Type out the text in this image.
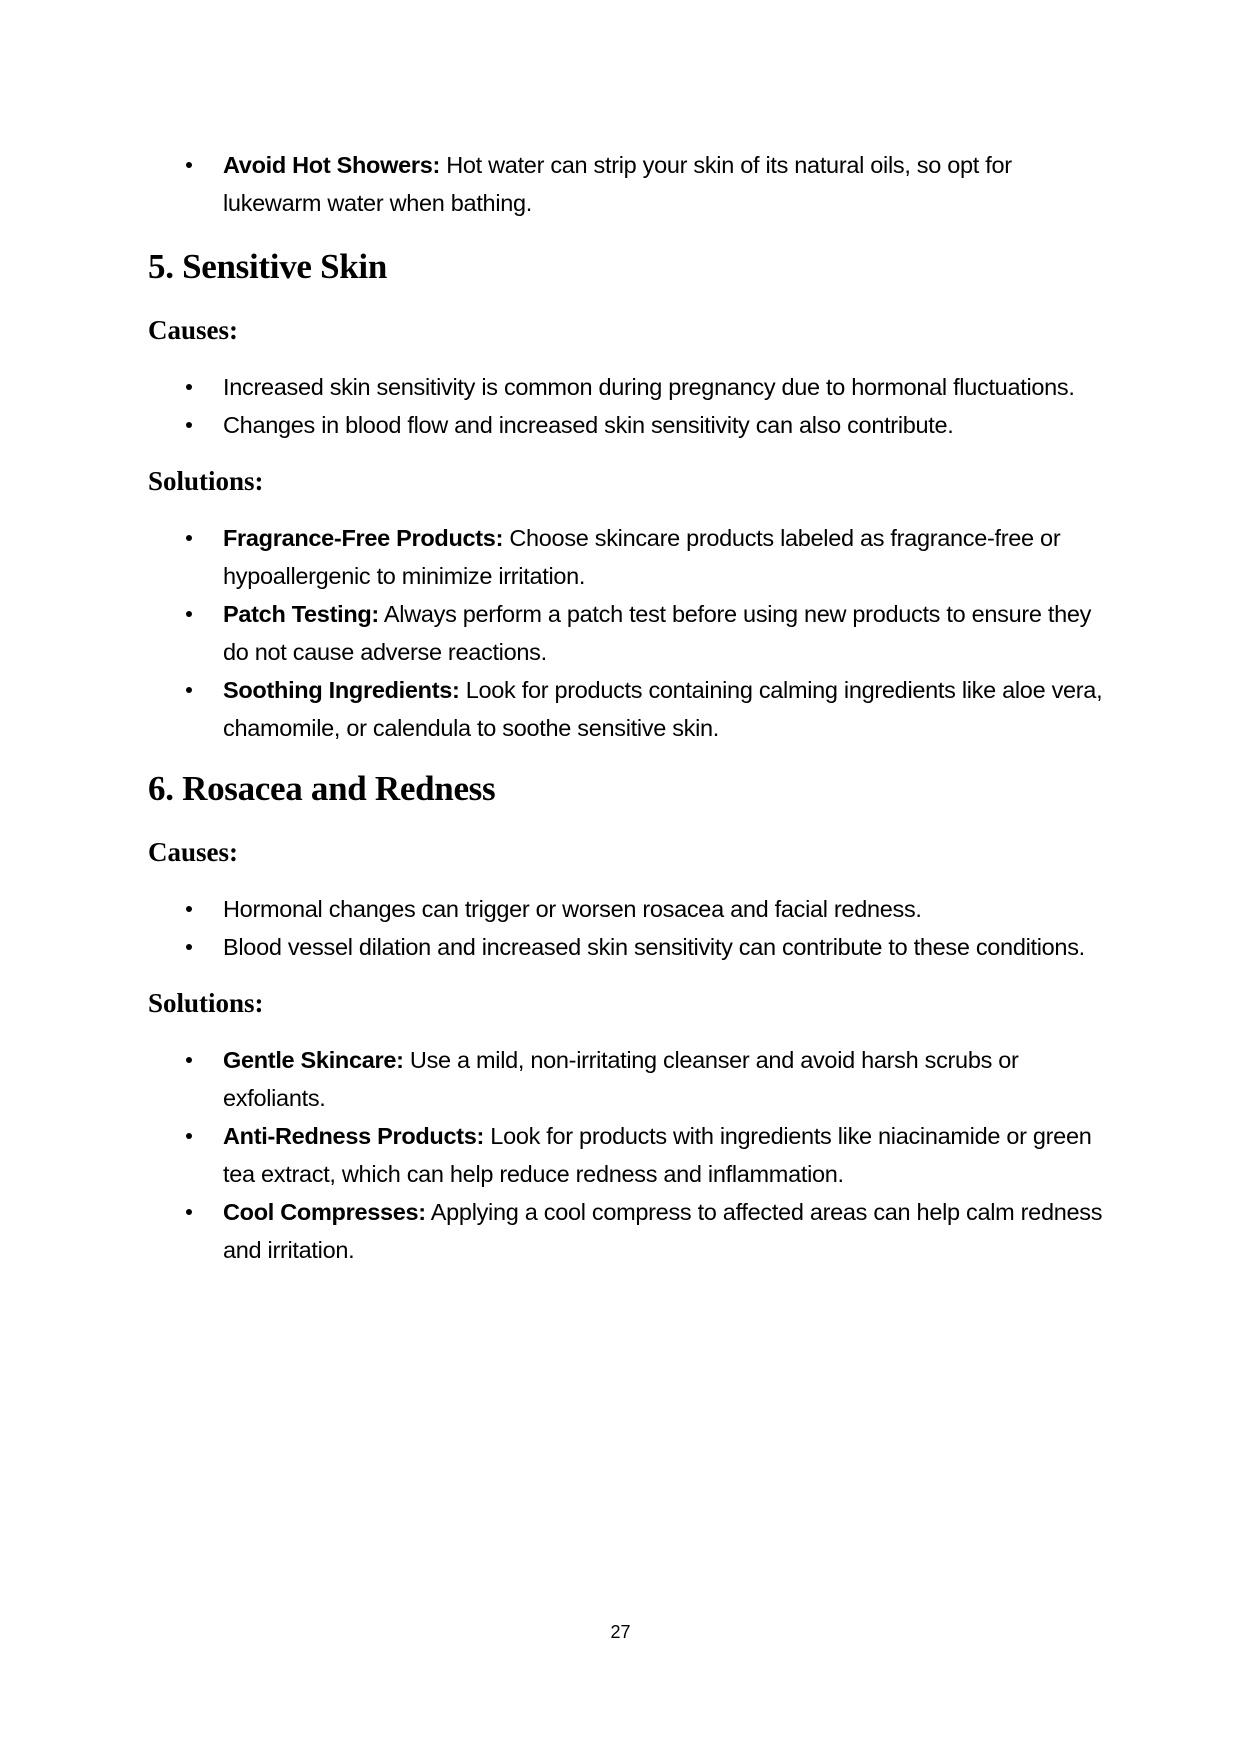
Avoid Hot Showers: Hot water can strip your skin of its natural oils, so opt for lukewarm water when bathing.
5. Sensitive Skin
Causes:
Increased skin sensitivity is common during pregnancy due to hormonal fluctuations.
Changes in blood flow and increased skin sensitivity can also contribute.
Solutions:
Fragrance-Free Products: Choose skincare products labeled as fragrance-free or hypoallergenic to minimize irritation.
Patch Testing: Always perform a patch test before using new products to ensure they do not cause adverse reactions.
Soothing Ingredients: Look for products containing calming ingredients like aloe vera, chamomile, or calendula to soothe sensitive skin.
6. Rosacea and Redness
Causes:
Hormonal changes can trigger or worsen rosacea and facial redness.
Blood vessel dilation and increased skin sensitivity can contribute to these conditions.
Solutions:
Gentle Skincare: Use a mild, non-irritating cleanser and avoid harsh scrubs or exfoliants.
Anti-Redness Products: Look for products with ingredients like niacinamide or green tea extract, which can help reduce redness and inflammation.
Cool Compresses: Applying a cool compress to affected areas can help calm redness and irritation.
27
